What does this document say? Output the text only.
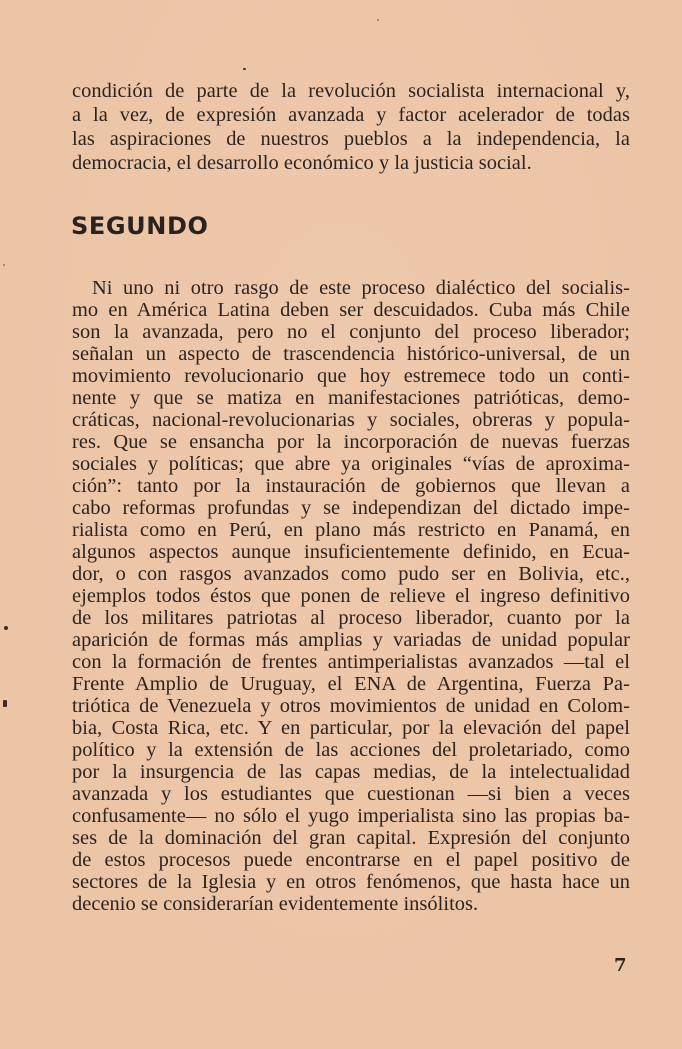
condición de parte de la revolución socialista internacional y,
a la vez, de expresión avanzada y factor acelerador de todas
las aspiraciones de nuestros pueblos a la independencia, la
democracia, el desarrollo económico y la justicia social.
SEGUNDO
Ni uno ni otro rasgo de este proceso dialéctico del socialis-
mo en América Latina deben ser descuidados. Cuba más Chile
son la avanzada, pero no el conjunto del proceso liberador;
señalan un aspecto de trascendencia histórico-universal, de un
movimiento revolucionario que hoy estremece todo un conti-
nente y que se matiza en manifestaciones patrióticas, demo-
cráticas, nacional-revolucionarias y sociales, obreras y popula-
res. Que se ensancha por la incorporación de nuevas fuerzas
sociales y políticas; que abre ya originales “vías de aproxima-
ción”: tanto por la instauración de gobiernos que llevan a
cabo reformas profundas y se independizan del dictado impe-
rialista como en Perú, en plano más restricto en Panamá, en
algunos aspectos aunque insuficientemente definido, en Ecua-
dor, o con rasgos avanzados como pudo ser en Bolivia, etc.,
ejemplos todos éstos que ponen de relieve el ingreso definitivo
de los militares patriotas al proceso liberador, cuanto por la
aparición de formas más amplias y variadas de unidad popular
con la formación de frentes antimperialistas avanzados —tal el
Frente Amplio de Uruguay, el ENA de Argentina, Fuerza Pa-
triótica de Venezuela y otros movimientos de unidad en Colom-
bia, Costa Rica, etc. Y en particular, por la elevación del papel
político y la extensión de las acciones del proletariado, como
por la insurgencia de las capas medias, de la intelectualidad
avanzada y los estudiantes que cuestionan —si bien a veces
confusamente— no sólo el yugo imperialista sino las propias ba-
ses de la dominación del gran capital. Expresión del conjunto
de estos procesos puede encontrarse en el papel positivo de
sectores de la Iglesia y en otros fenómenos, que hasta hace un
decenio se considerarían evidentemente insólitos.
7
